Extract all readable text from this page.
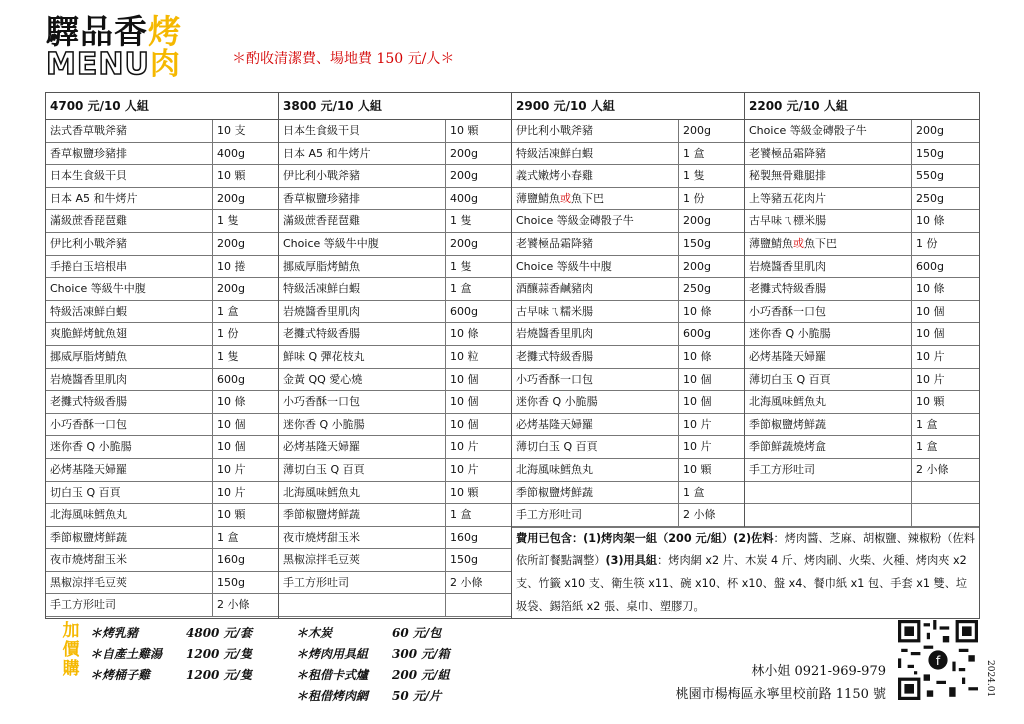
驛品香烤
MENU肉	＊酌收清潔費、場地費 150 元/人＊
4700 元/10 人組
法式香草戰斧豬	10 支
香草椒鹽珍豬排	400g
日本生食級干貝	10 顆
日本 A5 和牛烤片	200g
滿級蔗香琵琶雞	1 隻
伊比利小戰斧豬	200g
手捲白玉培根串	10 捲
Choice 等級牛中腹	200g
特級活凍鮮白蝦	1 盒
爽脆鮮烤魷魚翅	1 份
挪威厚脂烤鯖魚	1 隻
岩燒醬香里肌肉	600g
老攤式特級香腸	10 條
小巧香酥一口包	10 個
迷你香 Q 小脆腸	10 個
必烤基隆天婦羅	10 片
切白玉 Q 百頁	10 片
北海風味鱈魚丸	10 顆
季節椒鹽烤鮮蔬	1 盒
夜市燒烤甜玉米	160g
黑椒涼拌毛豆莢	150g
手工方形吐司	2 小條
3800 元/10 人組
日本生食級干貝	10 顆
日本 A5 和牛烤片	200g
伊比利小戰斧豬	200g
香草椒鹽珍豬排	400g
滿級蔗香琵琶雞	1 隻
Choice 等級牛中腹	200g
挪威厚脂烤鯖魚	1 隻
特級活凍鮮白蝦	1 盒
岩燒醬香里肌肉	600g
老攤式特級香腸	10 條
鮮味 Q 彈花枝丸	10 粒
金黃 QQ 愛心燒	10 個
小巧香酥一口包	10 個
迷你香 Q 小脆腸	10 個
必烤基隆天婦羅	10 片
薄切白玉 Q 百頁	10 片
北海風味鱈魚丸	10 顆
季節椒鹽烤鮮蔬	1 盒
夜市燒烤甜玉米	160g
黑椒涼拌毛豆莢	150g
手工方形吐司	2 小條
2900 元/10 人組
伊比利小戰斧豬	200g
特級活凍鮮白蝦	1 盒
義式嫩烤小春雞	1 隻
薄鹽鯖魚或魚下巴	1 份
Choice 等級金磚骰子牛	200g
老饕極品霜降豬	150g
Choice 等級牛中腹	200g
酒釀蒜香鹹豬肉	250g
古早味ㄟ糯米腸	10 條
岩燒醬香里肌肉	600g
老攤式特級香腸	10 條
小巧香酥一口包	10 個
迷你香 Q 小脆腸	10 個
必烤基隆天婦羅	10 片
薄切白玉 Q 百頁	10 片
北海風味鱈魚丸	10 顆
季節椒鹽烤鮮蔬	1 盒
手工方形吐司	2 小條
費用已包含：(1)烤肉架一組（200 元/組）(2)佐料：烤肉醬、芝麻、胡椒鹽、辣椒粉（佐料依所訂餐點調整）(3)用具組：烤肉網 x2 片、木炭 4 斤、烤肉刷、火柴、火種、烤肉夾 x2 支、竹籤 x10 支、衛生筷 x11、碗 x10、杯 x10、盤 x4、餐巾紙 x1 包、手套 x1 雙、垃圾袋、錫箔紙 x2 張、桌巾、塑膠刀。
2200 元/10 人組
Choice 等級金磚骰子牛	200g
老饕極品霜降豬	150g
秘製無骨雞腿排	550g
上等豬五花肉片	250g
古早味ㄟ標米腸	10 條
薄鹽鯖魚或魚下巴	1 份
岩燒醬香里肌肉	600g
老攤式特級香腸	10 條
小巧香酥一口包	10 個
迷你香 Q 小脆腸	10 個
必烤基隆天婦羅	10 片
薄切白玉 Q 百頁	10 片
北海風味鱈魚丸	10 顆
季節椒鹽烤鮮蔬	1 盒
季節鮮蔬燒烤盒	1 盒
手工方形吐司	2 小條
加價購
＊烤乳豬	4800 元/套
＊自產土雞湯 1200 元/隻
＊烤桶子雞	1200 元/隻
＊木炭	60 元/包
＊烤肉用具組 300 元/箱
＊租借卡式爐 200 元/組
＊租借烤肉網 50 元/片
林小姐 0921-969-979
桃園市楊梅區永寧里校前路 1150 號
f	2024.01
